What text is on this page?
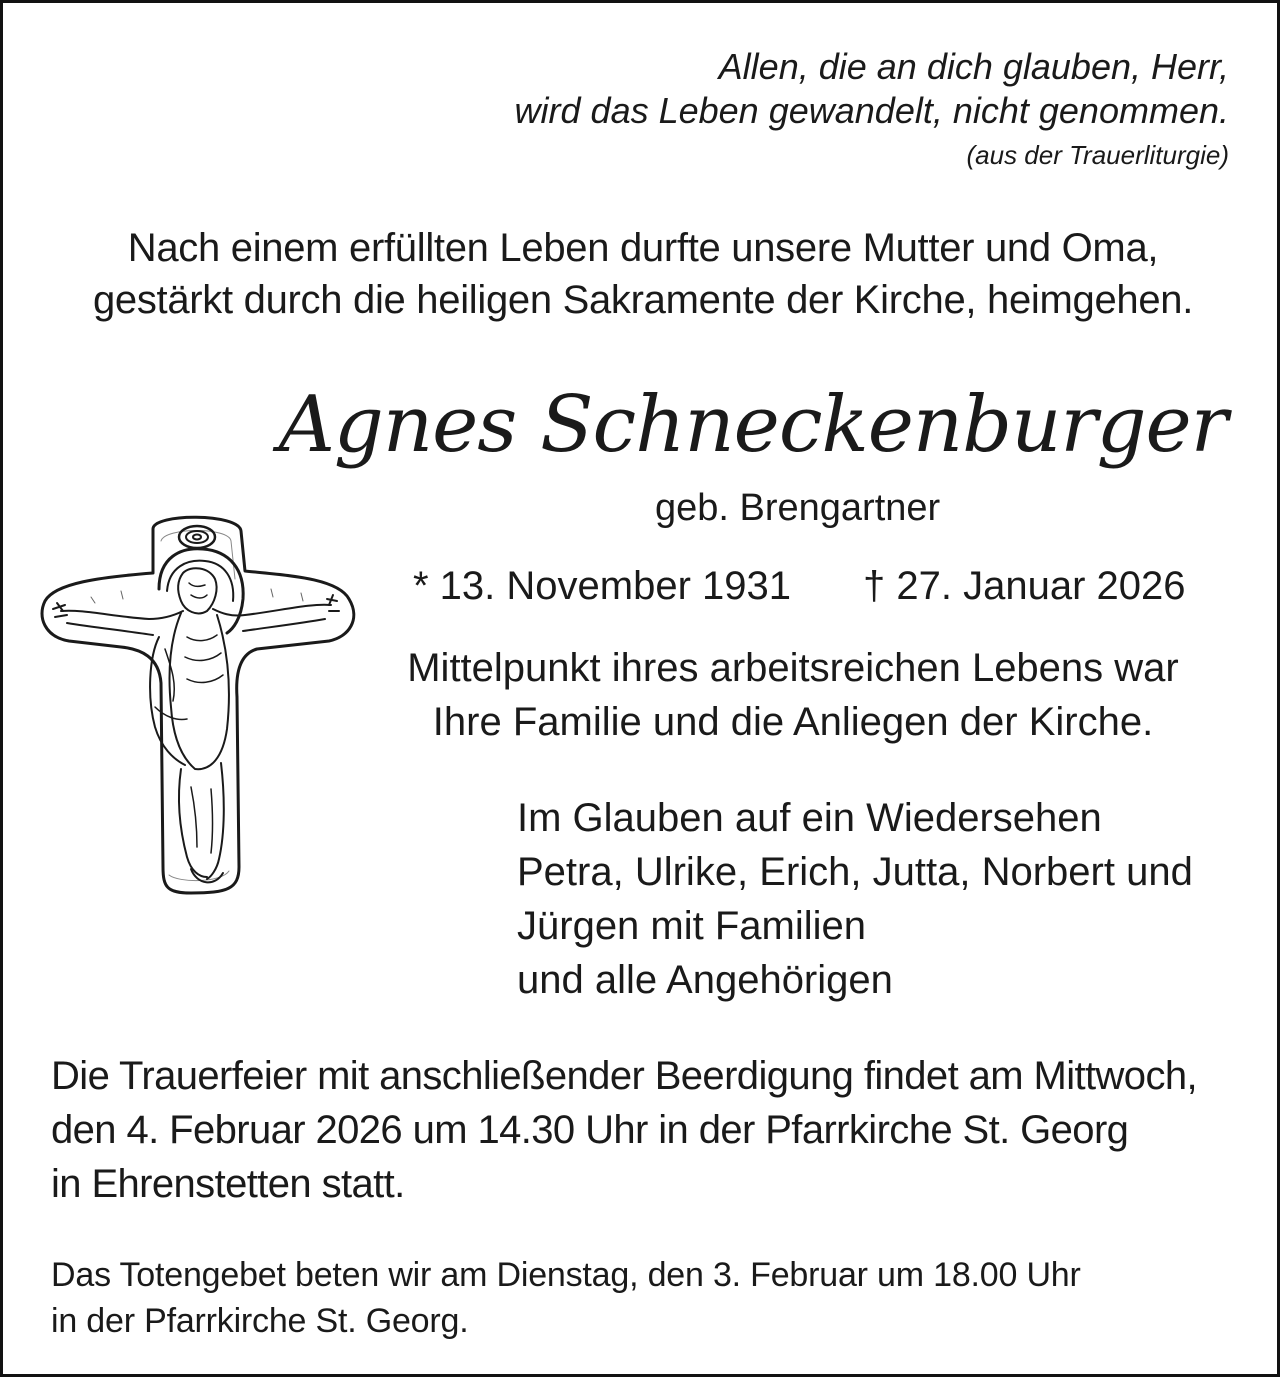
Allen, die an dich glauben, Herr,

wird das Leben gewandelt, nicht genommen.

(aus der Trauerliturgie)

Nach einem erfüllten Leben durfte unsere Mutter und Oma,

gestärkt durch die heiligen Sakramente der Kirche, heimgehen.

Agnes Schneckenburger

geb. Brengartner

* 13. November 1931 † 27. Januar 2026

Mittelpunkt ihres arbeitsreichen Lebens war

Ihre Familie und die Anliegen der Kirche.

Im Glauben auf ein Wiedersehen

Petra, Ulrike, Erich, Jutta, Norbert und

Jürgen mit Familien

und alle Angehörigen

Die Trauerfeier mit anschließender Beerdigung findet am Mittwoch,

den 4. Februar 2026 um 14.30 Uhr in der Pfarrkirche St. Georg

in Ehrenstetten statt.

Das Totengebet beten wir am Dienstag, den 3. Februar um 18.00 Uhr

in der Pfarrkirche St. Georg.
